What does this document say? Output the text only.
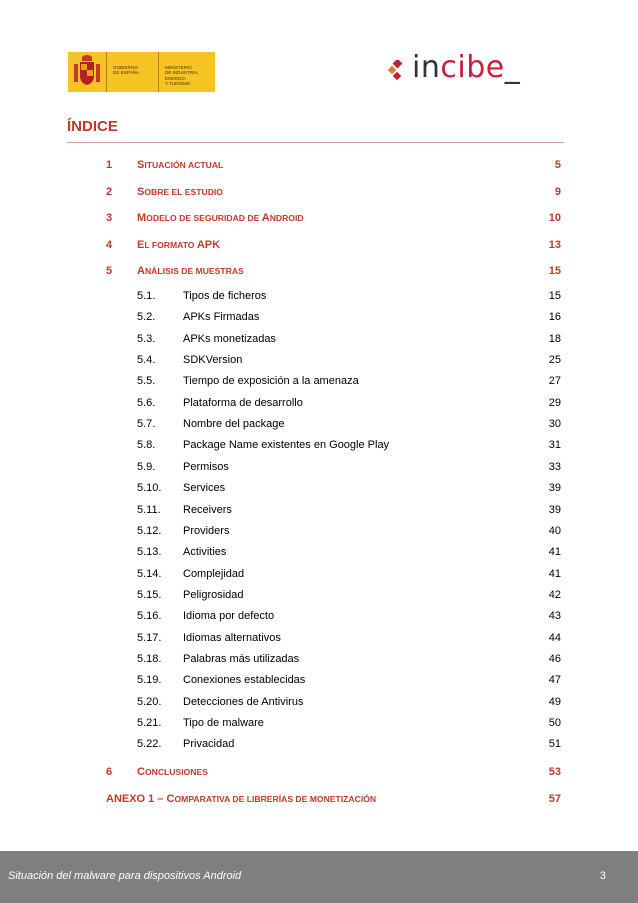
GOBIERNO
DE ESPAÑA
MINISTERIO
DE INDUSTRIA, ENERGÍA
Y TURISMO	incibe_
ÍNDICE
1 SITUACIÓN ACTUAL	5
2 SOBRE EL ESTUDIO	9
3 MODELO DE SEGURIDAD DE ANDROID	10
4 EL FORMATO APK	13
5 ANÁLISIS DE MUESTRAS	15
5.1.	Tipos de ficheros	15
5.2.	APKs Firmadas	16
5.3.	APKs monetizadas	18
5.4.	SDKVersion	25
5.5.	Tiempo de exposición a la amenaza	27
5.6.	Plataforma de desarrollo	29
5.7.	Nombre del package	30
5.8.	Package Name existentes en Google Play	31
5.9.	Permisos	33
5.10. Services	39
5.11. Receivers	39
5.12. Providers	40
5.13. Activities	41
5.14. Complejidad	41
5.15. Peligrosidad	42
5.16. Idioma por defecto	43
5.17. Idiomas alternativos	44
5.18. Palabras más utilizadas	46
5.19. Conexiones establecidas	47
5.20. Detecciones de Antivirus	49
5.21. Tipo de malware	50
5.22. Privacidad	51
6 CONCLUSIONES	53
ANEXO 1 – COMPARATIVA DE LIBRERÍAS DE MONETIZACIÓN	57
Situación del malware para dispositivos Android	3
